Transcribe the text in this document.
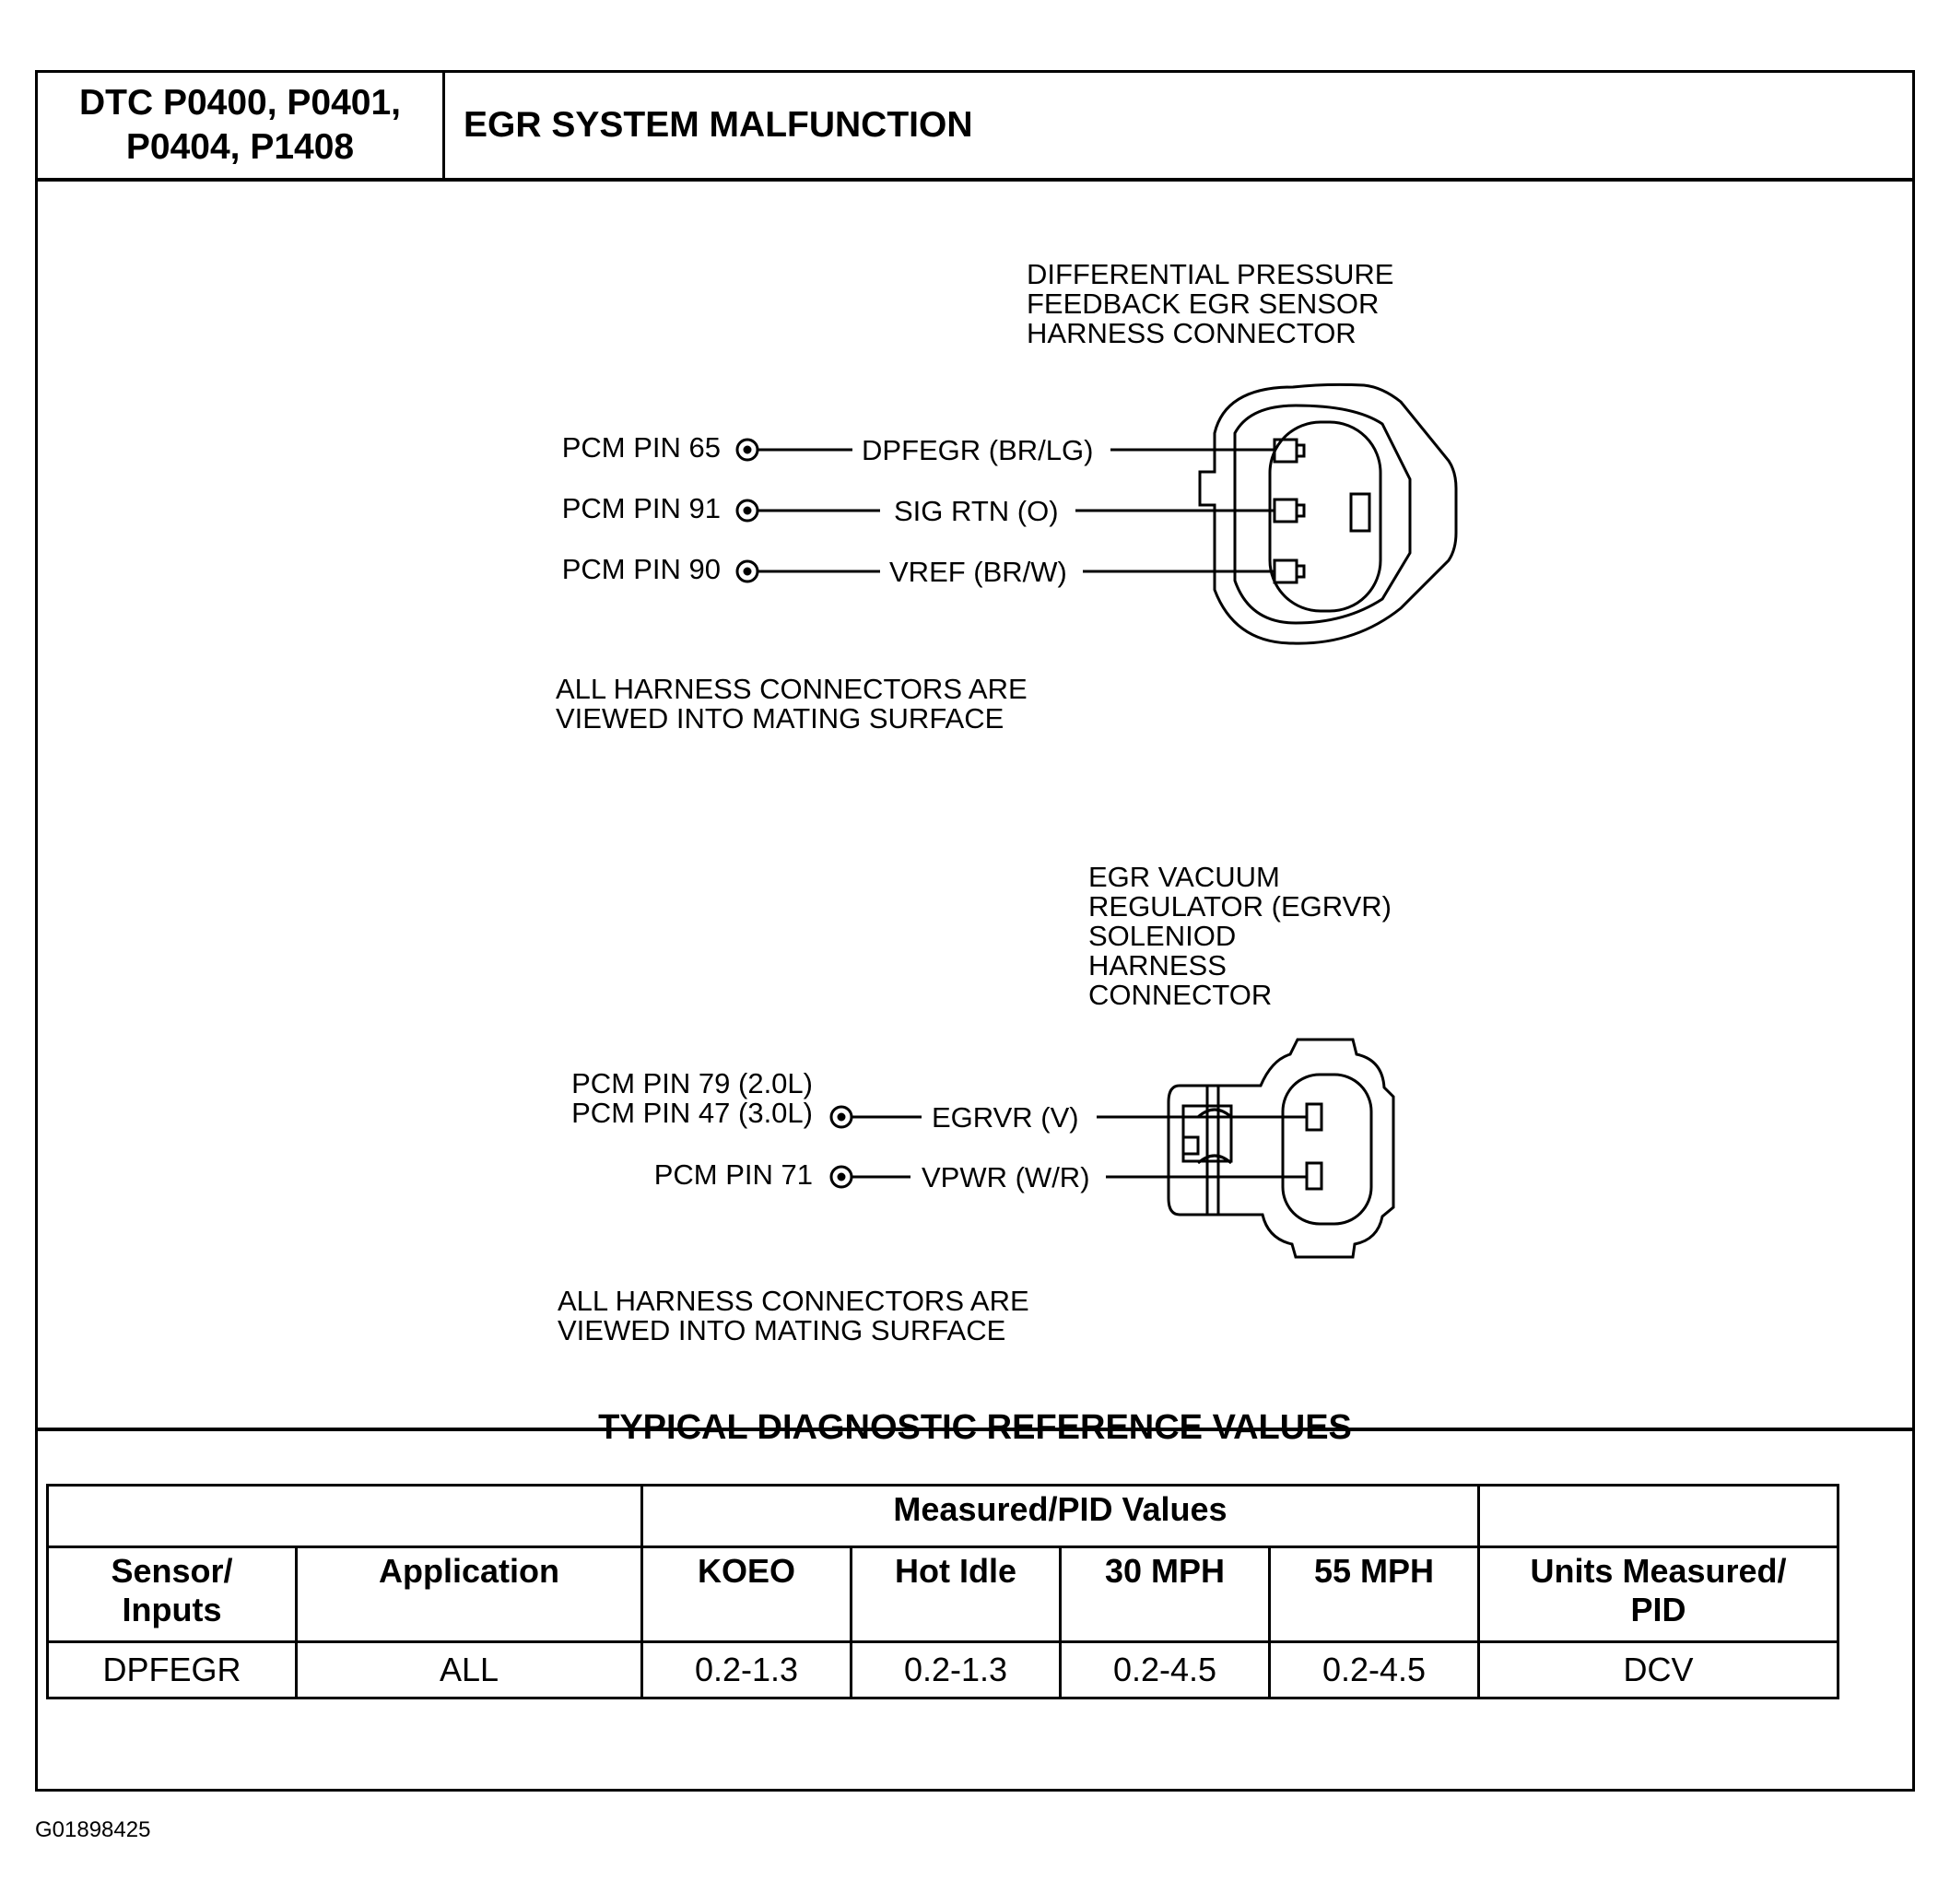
DTC P0400, P0401,
P0404, P1408
EGR SYSTEM MALFUNCTION
DIFFERENTIAL PRESSURE
FEEDBACK EGR SENSOR
HARNESS CONNECTOR
PCM PIN 65	DPFEGR (BR/LG)
PCM PIN 91	SIG RTN (O)
PCM PIN 90	VREF (BR/W)
ALL HARNESS CONNECTORS ARE
VIEWED INTO MATING SURFACE
EGR VACUUM
REGULATOR (EGRVR)
SOLENIOD
HARNESS
CONNECTOR
PCM PIN 79 (2.0L)
PCM PIN 47 (3.0L)	EGRVR (V)
PCM PIN 71	VPWR (W/R)
ALL HARNESS CONNECTORS ARE
VIEWED INTO MATING SURFACE
TYPICAL DIAGNOSTIC REFERENCE VALUES
		Measured/PID Values				
Sensor/
Inputs	Application	KOEO	Hot Idle	30 MPH	55 MPH	Units Measured/
PID
DPFEGR	ALL	0.2-1.3	0.2-1.3	0.2-4.5	0.2-4.5	DCV
G01898425
